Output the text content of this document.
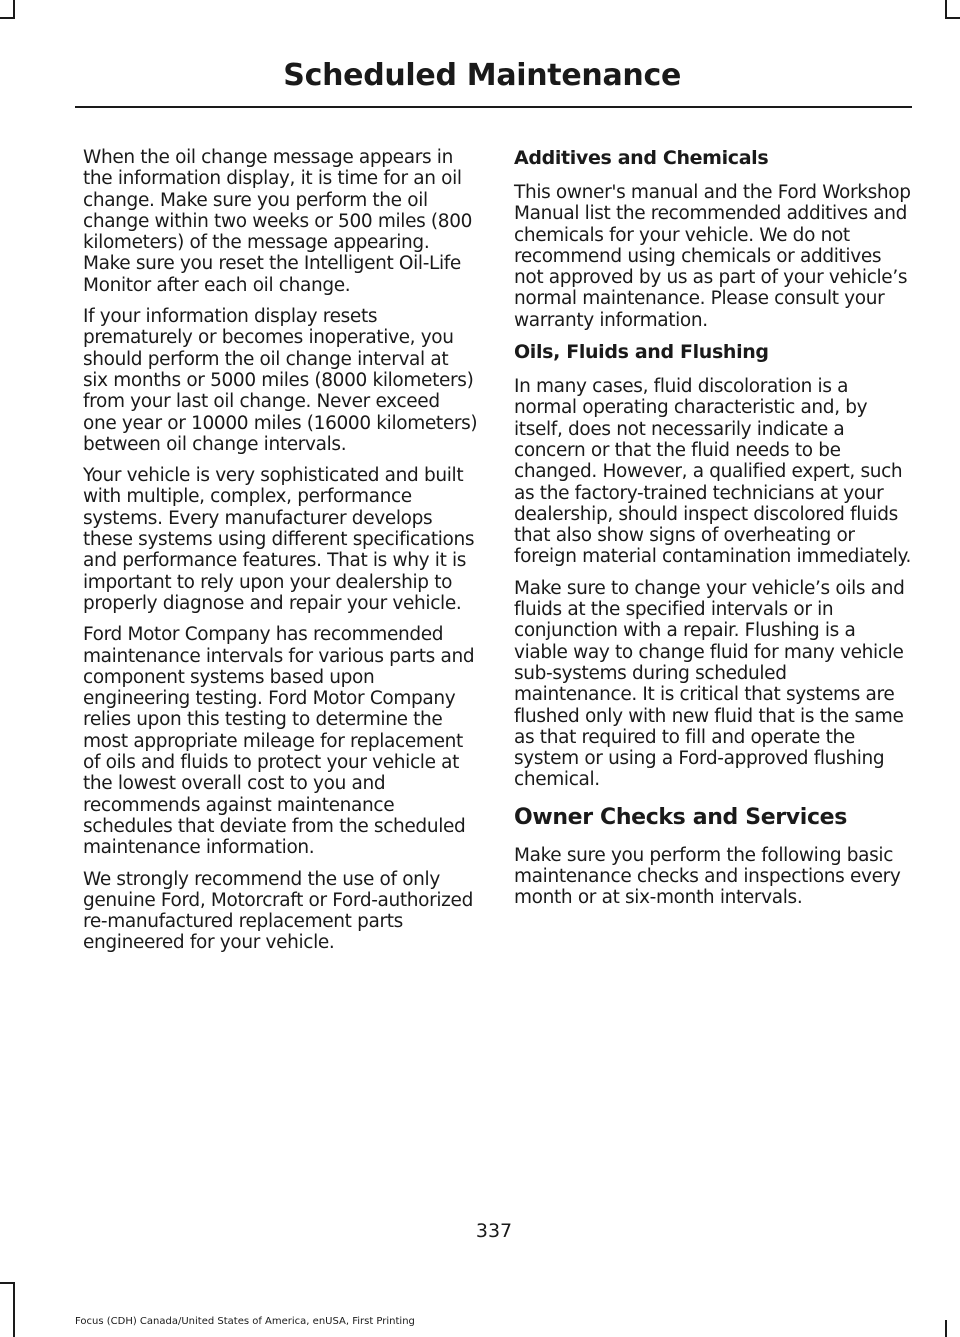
Scheduled Maintenance

When the oil change message appears in the information display, it is time for an oil change. Make sure you perform the oil change within two weeks or 500 miles (800 kilometers) of the message appearing. Make sure you reset the Intelligent Oil-Life Monitor after each oil change.

If your information display resets prematurely or becomes inoperative, you should perform the oil change interval at six months or 5000 miles (8000 kilometers) from your last oil change. Never exceed one year or 10000 miles (16000 kilometers) between oil change intervals.

Your vehicle is very sophisticated and built with multiple, complex, performance systems. Every manufacturer develops these systems using different specifications and performance features. That is why it is important to rely upon your dealership to properly diagnose and repair your vehicle.

Ford Motor Company has recommended maintenance intervals for various parts and component systems based upon engineering testing. Ford Motor Company relies upon this testing to determine the most appropriate mileage for replacement of oils and fluids to protect your vehicle at the lowest overall cost to you and recommends against maintenance schedules that deviate from the scheduled maintenance information.

We strongly recommend the use of only genuine Ford, Motorcraft or Ford-authorized re-manufactured replacement parts engineered for your vehicle.

Additives and Chemicals

This owner's manual and the Ford Workshop Manual list the recommended additives and chemicals for your vehicle. We do not recommend using chemicals or additives not approved by us as part of your vehicle’s normal maintenance. Please consult your warranty information.

Oils, Fluids and Flushing

In many cases, fluid discoloration is a normal operating characteristic and, by itself, does not necessarily indicate a concern or that the fluid needs to be changed. However, a qualified expert, such as the factory-trained technicians at your dealership, should inspect discolored fluids that also show signs of overheating or foreign material contamination immediately.

Make sure to change your vehicle’s oils and fluids at the specified intervals or in conjunction with a repair. Flushing is a viable way to change fluid for many vehicle sub-systems during scheduled maintenance. It is critical that systems are flushed only with new fluid that is the same as that required to fill and operate the system or using a Ford-approved flushing chemical.

Owner Checks and Services

Make sure you perform the following basic maintenance checks and inspections every month or at six-month intervals.

337
Focus (CDH) Canada/United States of America, enUSA, First Printing
